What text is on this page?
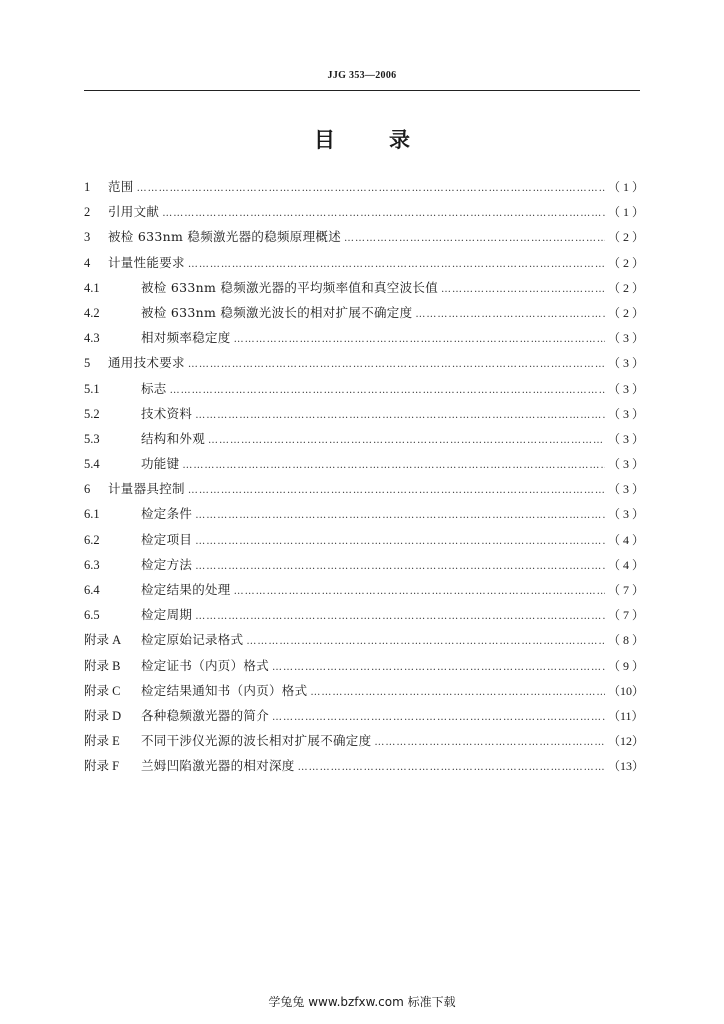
JJG 353—2006
目	录
1	范围 ……………………………………………………………………………………………………………………………………………………………………………………………………………………	（ 1 ）
2	引用文献 ……………………………………………………………………………………………………………………………………………………………………………………………………………………	（ 1 ）
3	被检 633nm 稳频激光器的稳频原理概述 ……………………………………………………………………………………………………………………………………………………………………………………………………………………	（ 2 ）
4	计量性能要求 ……………………………………………………………………………………………………………………………………………………………………………………………………………………	（ 2 ）
4.1	被检 633nm 稳频激光器的平均频率值和真空波长值 ……………………………………………………………………………………………………………………………………………………………………………………………………………………	（ 2 ）
4.2	被检 633nm 稳频激光波长的相对扩展不确定度 ……………………………………………………………………………………………………………………………………………………………………………………………………………………	（ 2 ）
4.3	相对频率稳定度 ……………………………………………………………………………………………………………………………………………………………………………………………………………………	（ 3 ）
5	通用技术要求 ……………………………………………………………………………………………………………………………………………………………………………………………………………………	（ 3 ）
5.1	标志 ……………………………………………………………………………………………………………………………………………………………………………………………………………………	（ 3 ）
5.2	技术资料 ……………………………………………………………………………………………………………………………………………………………………………………………………………………	（ 3 ）
5.3	结构和外观 ……………………………………………………………………………………………………………………………………………………………………………………………………………………	（ 3 ）
5.4	功能键 ……………………………………………………………………………………………………………………………………………………………………………………………………………………	（ 3 ）
6	计量器具控制 ……………………………………………………………………………………………………………………………………………………………………………………………………………………	（ 3 ）
6.1	检定条件 ……………………………………………………………………………………………………………………………………………………………………………………………………………………	（ 3 ）
6.2	检定项目 ……………………………………………………………………………………………………………………………………………………………………………………………………………………	（ 4 ）
6.3	检定方法 ……………………………………………………………………………………………………………………………………………………………………………………………………………………	（ 4 ）
6.4	检定结果的处理 ……………………………………………………………………………………………………………………………………………………………………………………………………………………	（ 7 ）
6.5	检定周期 ……………………………………………………………………………………………………………………………………………………………………………………………………………………	（ 7 ）
附录 A	检定原始记录格式 ……………………………………………………………………………………………………………………………………………………………………………………………………………………	（ 8 ）
附录 B	检定证书（内页）格式 ……………………………………………………………………………………………………………………………………………………………………………………………………………………	（ 9 ）
附录 C	检定结果通知书（内页）格式 ……………………………………………………………………………………………………………………………………………………………………………………………………………………	（10）
附录 D	各种稳频激光器的简介 ……………………………………………………………………………………………………………………………………………………………………………………………………………………	（11）
附录 E	不同干涉仪光源的波长相对扩展不确定度 ……………………………………………………………………………………………………………………………………………………………………………………………………………………	（12）
附录 F	兰姆凹陷激光器的相对深度 ……………………………………………………………………………………………………………………………………………………………………………………………………………………	（13）
学兔兔 www.bzfxw.com 标准下载
